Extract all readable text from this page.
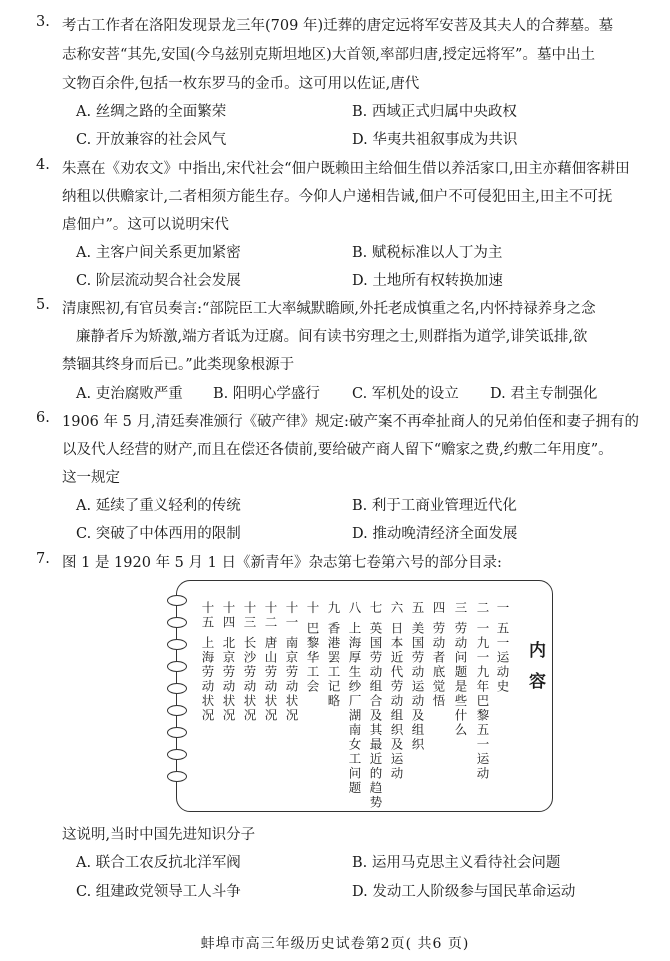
3. 考古工作者在洛阳发现景龙三年(709 年)迁葬的唐定远将军安菩及其夫人的合葬墓。墓
志称安菩“其先,安国(今乌兹别克斯坦地区)大首领,率部归唐,授定远将军”。墓中出土
文物百余件,包括一枚东罗马的金币。这可用以佐证,唐代
A. 丝绸之路的全面繁荣	B. 西域正式归属中央政权
C. 开放兼容的社会风气	D. 华夷共祖叙事成为共识
4. 朱熹在《劝农文》中指出,宋代社会“佃户既赖田主给佃生借以养活家口,田主亦藉佃客耕田
纳租以供赡家计,二者相须方能生存。今仰人户递相告诫,佃户不可侵犯田主,田主不可抚
虐佃户”。这可以说明宋代
A. 主客户间关系更加紧密	B. 赋税标准以人丁为主
C. 阶层流动契合社会发展	D. 土地所有权转换加速
5. 清康熙初,有官员奏言:“部院臣工大率缄默瞻顾,外托老成慎重之名,内怀持禄养身之念
廉静者斥为矫激,端方者诋为迂腐。间有读书穷理之士,则群指为道学,诽笑诋排,欲
禁锢其终身而后已。”此类现象根源于
A. 吏治腐败严重 B. 阳明心学盛行 C. 军机处的设立 D. 君主专制强化
6. 1906 年 5 月,清廷奏准颁行《破产律》规定:破产案不再牵扯商人的兄弟伯侄和妻子拥有的
以及代人经营的财产,而且在偿还各债前,要给破产商人留下“赡家之费,约敷二年用度”。
这一规定
A. 延续了重义轻利的传统	B. 利于工商业管理近代化
C. 突破了中体西用的限制	D. 推动晚清经济全面发展
7. 图 1 是 1920 年 5 月 1 日《新青年》杂志第七卷第六号的部分目录:
内容
一 五一运动史
二 一九一九年巴黎五一运动
三 劳动问题是些什么
四 劳动者底觉悟
五 美国劳动运动及组织
六 日本近代劳动组织及运动
七 英国劳动组合及其最近的趋势
八 上海厚生纱厂湖南女工问题
九 香港罢工记略
十 巴黎华工会
十一 南京劳动状况
十二 唐山劳动状况
十三 长沙劳动状况
十四 北京劳动状况
十五 上海劳动状况
这说明,当时中国先进知识分子
A. 联合工农反抗北洋军阀	B. 运用马克思主义看待社会问题
C. 组建政党领导工人斗争	D. 发动工人阶级参与国民革命运动
蚌埠市高三年级历史试卷第2页( 共6 页)
